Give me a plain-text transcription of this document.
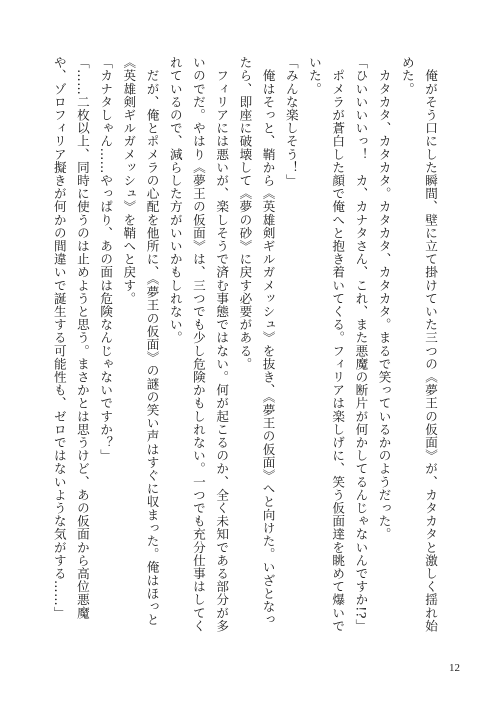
　俺がそう口にした瞬間、壁に立て掛けていた三つの《夢王の仮面》が、カタカタと激しく揺れ始めた。

　カタカタ、カタカタ。カタカタ、カタカタ。まるで笑っているかのようだった。

「ひいいいいっ！　カ、カナタさん、これ、また悪魔の断片が何かしてるんじゃないんですか!?」

　ポメラが蒼白した顔で俺へと抱き着いてくる。フィリアは楽しげに、笑う仮面達を眺めて爆いでいた。

「みんな楽しそう！」

　俺はそっと、鞘から《英雄剣ギルガメッシュ》を抜き、《夢王の仮面》へと向けた。いざとなったら、即座に破壊して《夢の砂》に戻す必要がある。

　フィリアには悪いが、楽しそうで済む事態ではない。何が起こるのか、全く未知である部分が多いのでだ。やはり《夢王の仮面》は、三つでも少し危険かもしれない。一つでも充分仕事はしてくれているので、減らした方がいいかもしれない。

　だが、俺とポメラの心配を他所に、《夢王の仮面》の謎の笑い声はすぐに収まった。俺はほっと《英雄剣ギルガメッシュ》を鞘へと戻す。

「カナタしゃん……やっぱり、あの面は危険なんじゃないですか？」

「……二枚以上、同時に使うのは止めようと思う。まさかとは思うけど、あの仮面から高位悪魔や、ゾロフィリア擬きが何かの間違いで誕生する可能性も、ゼロではないような気がする……」

12
